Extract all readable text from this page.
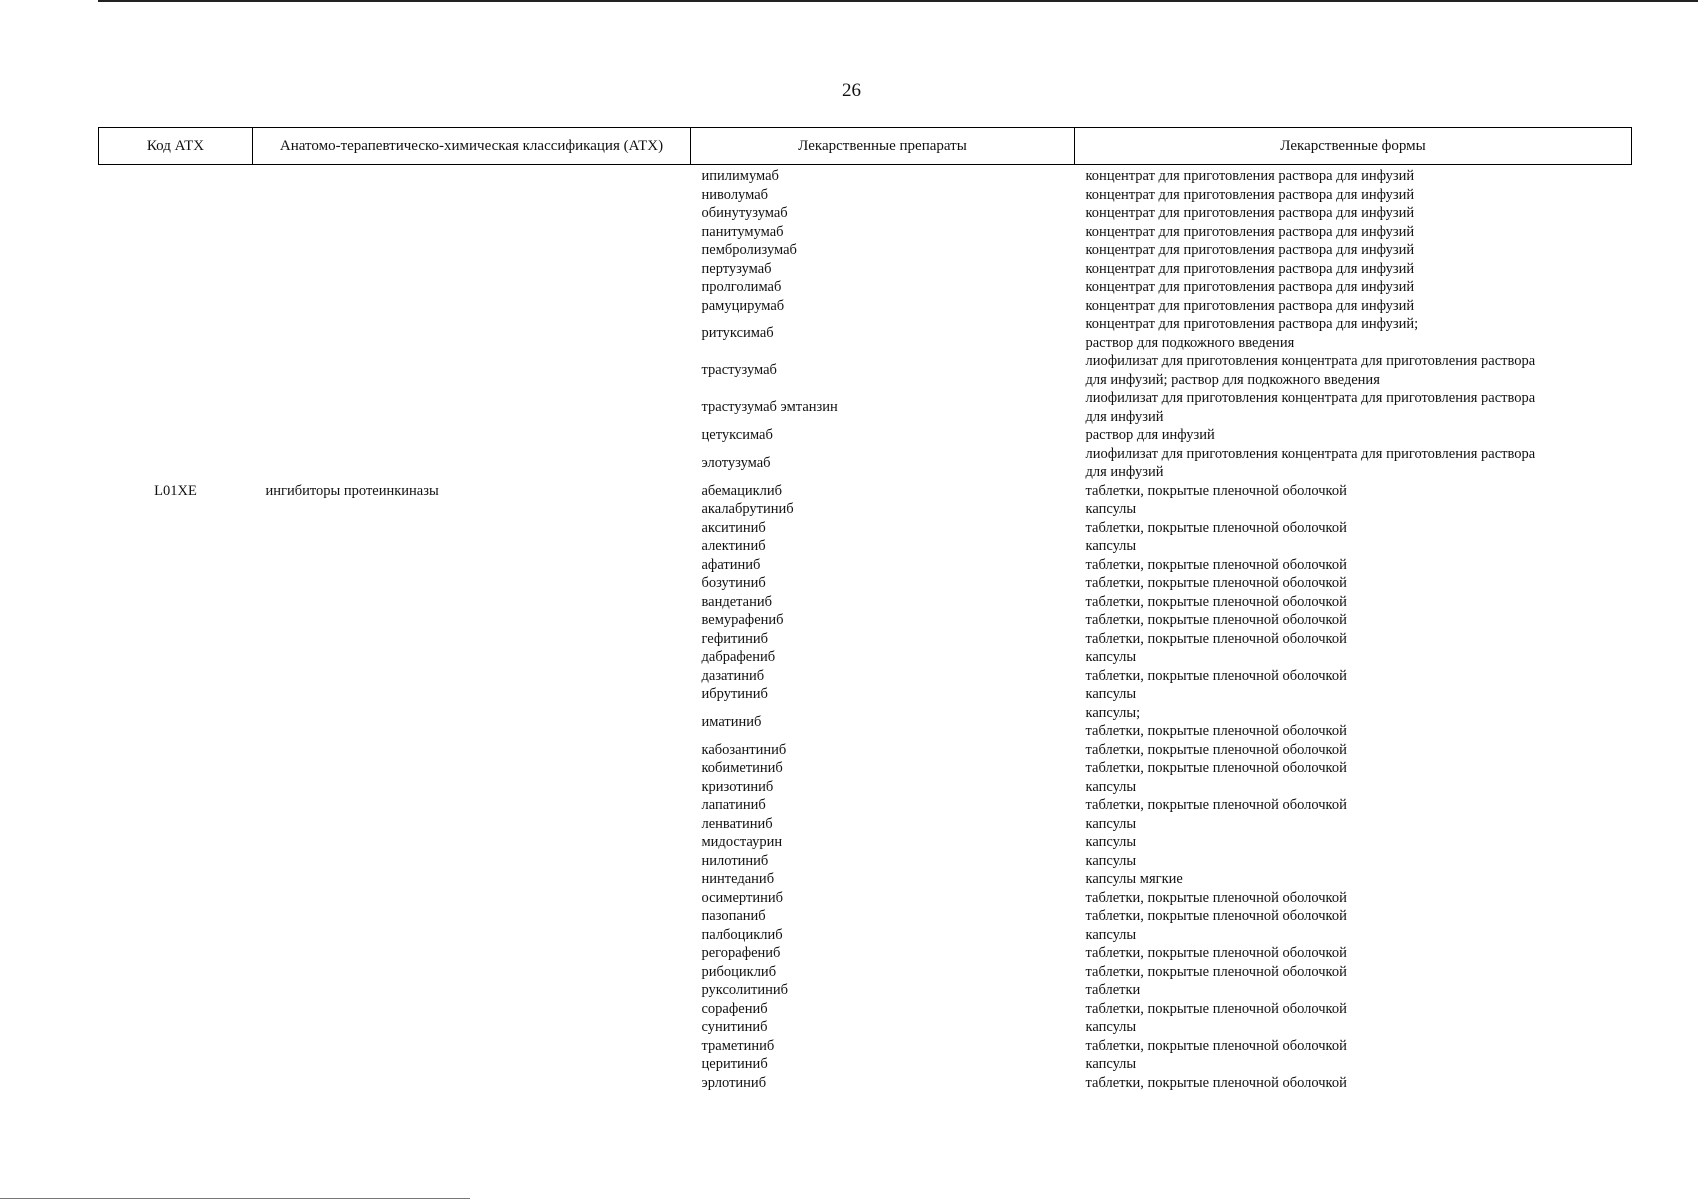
26
Код АТХ	Анатомо-терапевтическо-химическая классификация (АТХ)	Лекарственные препараты	Лекарственные формы
		ипилимумаб	концентрат для приготовления раствора для инфузий
		ниволумаб	концентрат для приготовления раствора для инфузий
		обинутузумаб	концентрат для приготовления раствора для инфузий
		панитумумаб	концентрат для приготовления раствора для инфузий
		пембролизумаб	концентрат для приготовления раствора для инфузий
		пертузумаб	концентрат для приготовления раствора для инфузий
		пролголимаб	концентрат для приготовления раствора для инфузий
		рамуцирумаб	концентрат для приготовления раствора для инфузий
		ритуксимаб	концентрат для приготовления раствора для инфузий;
раствор для подкожного введения
		трастузумаб	лиофилизат для приготовления концентрата для приготовления раствора
для инфузий; раствор для подкожного введения
		трастузумаб эмтанзин	лиофилизат для приготовления концентрата для приготовления раствора
для инфузий
		цетуксимаб	раствор для инфузий
		элотузумаб	лиофилизат для приготовления концентрата для приготовления раствора
для инфузий
L01XE	ингибиторы протеинкиназы	абемациклиб	таблетки, покрытые пленочной оболочкой
		акалабрутиниб	капсулы
		акситиниб	таблетки, покрытые пленочной оболочкой
		алектиниб	капсулы
		афатиниб	таблетки, покрытые пленочной оболочкой
		бозутиниб	таблетки, покрытые пленочной оболочкой
		вандетаниб	таблетки, покрытые пленочной оболочкой
		вемурафениб	таблетки, покрытые пленочной оболочкой
		гефитиниб	таблетки, покрытые пленочной оболочкой
		дабрафениб	капсулы
		дазатиниб	таблетки, покрытые пленочной оболочкой
		ибрутиниб	капсулы
		иматиниб	капсулы;
таблетки, покрытые пленочной оболочкой
		кабозантиниб	таблетки, покрытые пленочной оболочкой
		кобиметиниб	таблетки, покрытые пленочной оболочкой
		кризотиниб	капсулы
		лапатиниб	таблетки, покрытые пленочной оболочкой
		ленватиниб	капсулы
		мидостаурин	капсулы
		нилотиниб	капсулы
		нинтеданиб	капсулы мягкие
		осимертиниб	таблетки, покрытые пленочной оболочкой
		пазопаниб	таблетки, покрытые пленочной оболочкой
		палбоциклиб	капсулы
		регорафениб	таблетки, покрытые пленочной оболочкой
		рибоциклиб	таблетки, покрытые пленочной оболочкой
		руксолитиниб	таблетки
		сорафениб	таблетки, покрытые пленочной оболочкой
		сунитиниб	капсулы
		траметиниб	таблетки, покрытые пленочной оболочкой
		церитиниб	капсулы
		эрлотиниб	таблетки, покрытые пленочной оболочкой
